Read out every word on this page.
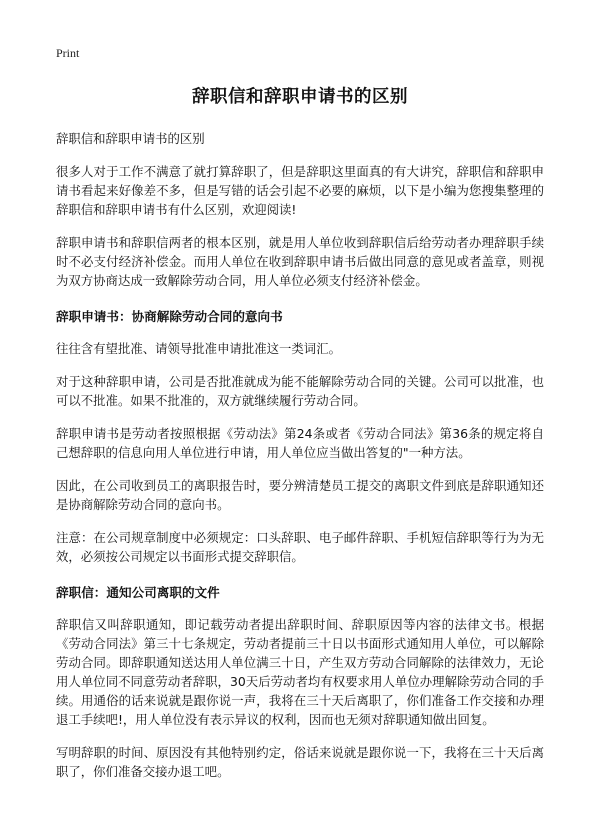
Print
辞职信和辞职申请书的区别

辞职信和辞职申请书的区别

很多人对于工作不满意了就打算辞职了，但是辞职这里面真的有大讲究，辞职信和辞职申请书看起来好像差不多，但是写错的话会引起不必要的麻烦，以下是小编为您搜集整理的辞职信和辞职申请书有什么区别，欢迎阅读!

辞职申请书和辞职信两者的根本区别，就是用人单位收到辞职信后给劳动者办理辞职手续时不必支付经济补偿金。而用人单位在收到辞职申请书后做出同意的意见或者盖章，则视为双方协商达成一致解除劳动合同，用人单位必须支付经济补偿金。

辞职申请书：协商解除劳动合同的意向书

往往含有望批准、请领导批准申请批准这一类词汇。

对于这种辞职申请，公司是否批准就成为能不能解除劳动合同的关键。公司可以批准，也可以不批准。如果不批准的，双方就继续履行劳动合同。

辞职申请书是劳动者按照根据《劳动法》第24条或者《劳动合同法》第36条的规定将自己想辞职的信息向用人单位进行申请，用人单位应当做出答复的"一种方法。

因此，在公司收到员工的离职报告时，要分辨清楚员工提交的离职文件到底是辞职通知还是协商解除劳动合同的意向书。

注意：在公司规章制度中必须规定：口头辞职、电子邮件辞职、手机短信辞职等行为为无效，必须按公司规定以书面形式提交辞职信。

辞职信：通知公司离职的文件

辞职信又叫辞职通知，即记载劳动者提出辞职时间、辞职原因等内容的法律文书。根据《劳动合同法》第三十七条规定，劳动者提前三十日以书面形式通知用人单位，可以解除劳动合同。即辞职通知送达用人单位满三十日，产生双方劳动合同解除的法律效力，无论用人单位同不同意劳动者辞职，30天后劳动者均有权要求用人单位办理解除劳动合同的手续。用通俗的话来说就是跟你说一声，我将在三十天后离职了，你们准备工作交接和办理退工手续吧!，用人单位没有表示异议的权利，因而也无须对辞职通知做出回复。

写明辞职的时间、原因没有其他特别约定，俗话来说就是跟你说一下，我将在三十天后离职了，你们准备交接办退工吧。
